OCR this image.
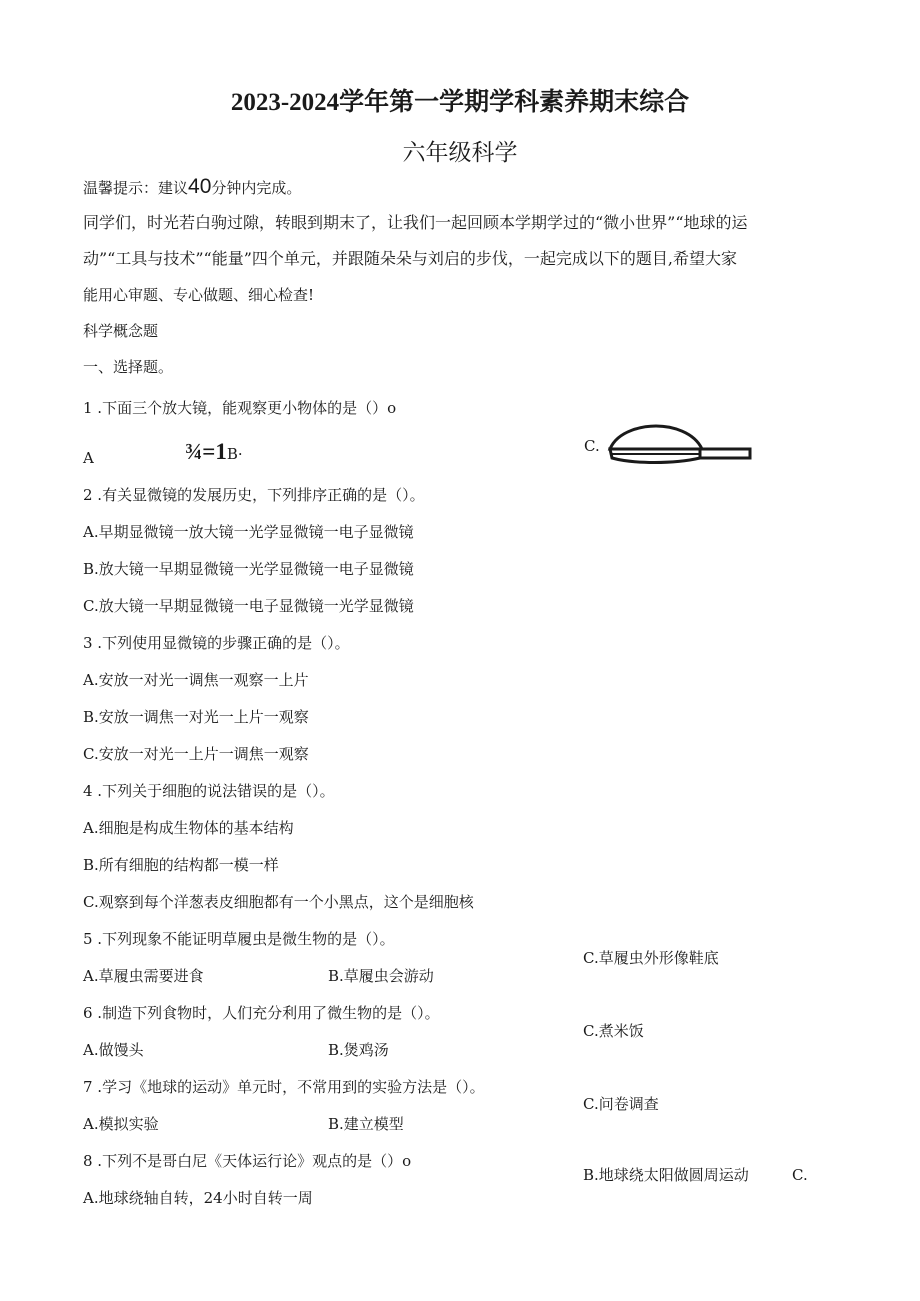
2023-2024学年第一学期学科素养期末综合
六年级科学
温馨提示：建议40分钟内完成。
同学们，时光若白驹过隙，转眼到期末了，让我们一起回顾本学期学过的“微小世界”“地球的运
动”“工具与技术”“能量”四个单元，并跟随朵朵与刘启的步伐，一起完成以下的题目,希望大家
能用心审题、专心做题、细心检查!
科学概念题
一、选择题。
1 .下面三个放大镜，能观察更小物体的是（）o
A	¾=1B·	C.
2 .有关显微镜的发展历史，下列排序正确的是（）。
A.早期显微镜一放大镜一光学显微镜一电子显微镜
B.放大镜一早期显微镜一光学显微镜一电子显微镜
C.放大镜一早期显微镜一电子显微镜一光学显微镜
3 .下列使用显微镜的步骤正确的是（）。
A.安放一对光一调焦一观察一上片
B.安放一调焦一对光一上片一观察
C.安放一对光一上片一调焦一观察
4 .下列关于细胞的说法错误的是（）。
A.细胞是构成生物体的基本结构
B.所有细胞的结构都一模一样
C.观察到每个洋葱表皮细胞都有一个小黑点，这个是细胞核
5 .下列现象不能证明草履虫是微生物的是（）。
A.草履虫需要进食	B.草履虫会游动
C.草履虫外形像鞋底
6 .制造下列食物时，人们充分利用了微生物的是（）。
A.做馒头	B.煲鸡汤
C.煮米饭
7 .学习《地球的运动》单元时，不常用到的实验方法是（）。
A.模拟实验	B.建立模型
C.问卷调查
8 .下列不是哥白尼《天体运行论》观点的是（）o
A.地球绕轴自转，24小时自转一周
B.地球绕太阳做圆周运动	C.
